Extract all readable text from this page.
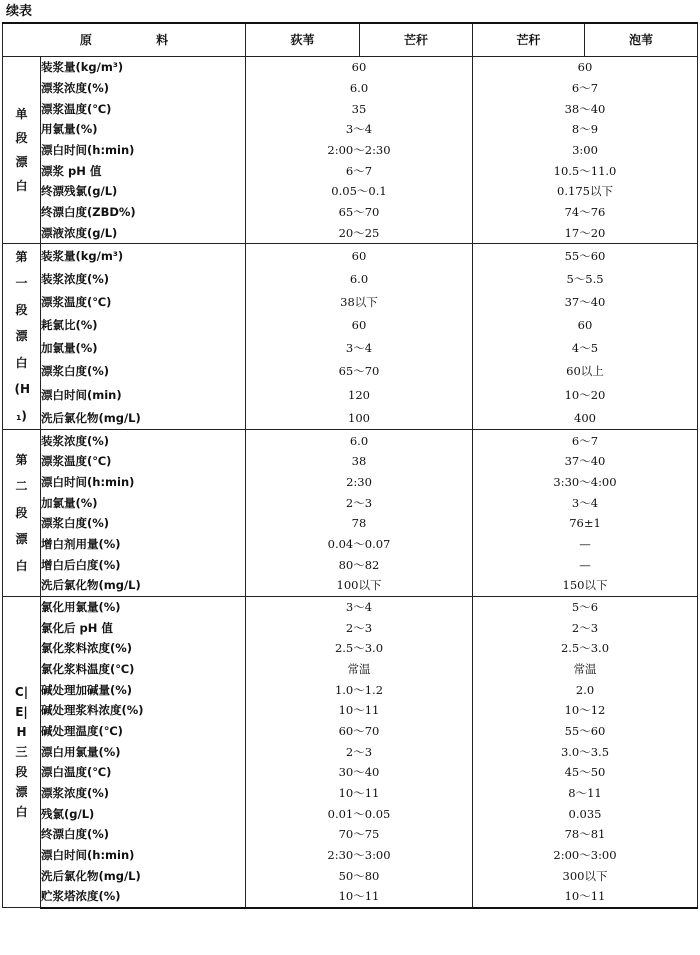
续表
原 料		荻苇	芒秆	芒秆	泡苇
单段漂白	装浆量(kg/m³)	60		60	
	漂浆浓度(%)	6.0		6～7	
	漂浆温度(℃)	35		38～40	
	用氯量(%)	3～4		8～9	
	漂白时间(h:min)	2:00～2:30		3:00	
	漂浆 pH 值	6～7		10.5～11.0	
	终漂残氯(g/L)	0.05～0.1		0.175以下	
	终漂白度(ZBD%)	65～70		74～76	
	漂液浓度(g/L)	20～25		17～20	
第一段漂白(H₁)	装浆量(kg/m³)	60		55～60	
	装浆浓度(%)	6.0		5～5.5	
	漂浆温度(℃)	38以下		37～40	
	耗氯比(%)	60		60	
	加氯量(%)	3～4		4～5	
	漂浆白度(%)	65～70		60以上	
	漂白时间(min)	120		10～20	
	洗后氯化物(mg/L)	100		400	
第二段漂白	装浆浓度(%)	6.0		6～7	
	漂浆温度(℃)	38		37～40	
	漂白时间(h:min)	2:30		3:30～4:00	
	加氯量(%)	2～3		3～4	
	漂浆白度(%)	78		76±1	
	增白剂用量(%)	0.04～0.07		—	
	增白后白度(%)	80～82		—	
	洗后氯化物(mg/L)	100以下		150以下	
C|E|H三段漂白	氯化用氯量(%)	3～4		5～6	
	氯化后 pH 值	2～3		2～3	
	氯化浆料浓度(%)	2.5～3.0		2.5～3.0	
	氯化浆料温度(℃)	常温		常温	
	碱处理加碱量(%)	1.0～1.2		2.0	
	碱处理浆料浓度(%)	10～11		10～12	
	碱处理温度(℃)	60～70		55～60	
	漂白用氯量(%)	2～3		3.0～3.5	
	漂白温度(℃)	30～40		45～50	
	漂浆浓度(%)	10～11		8～11	
	残氯(g/L)	0.01～0.05		0.035	
	终漂白度(%)	70～75		78～81	
	漂白时间(h:min)	2:30～3:00		2:00～3:00	
	洗后氯化物(mg/L)	50～80		300以下	
	贮浆塔浓度(%)	10～11		10～11	
